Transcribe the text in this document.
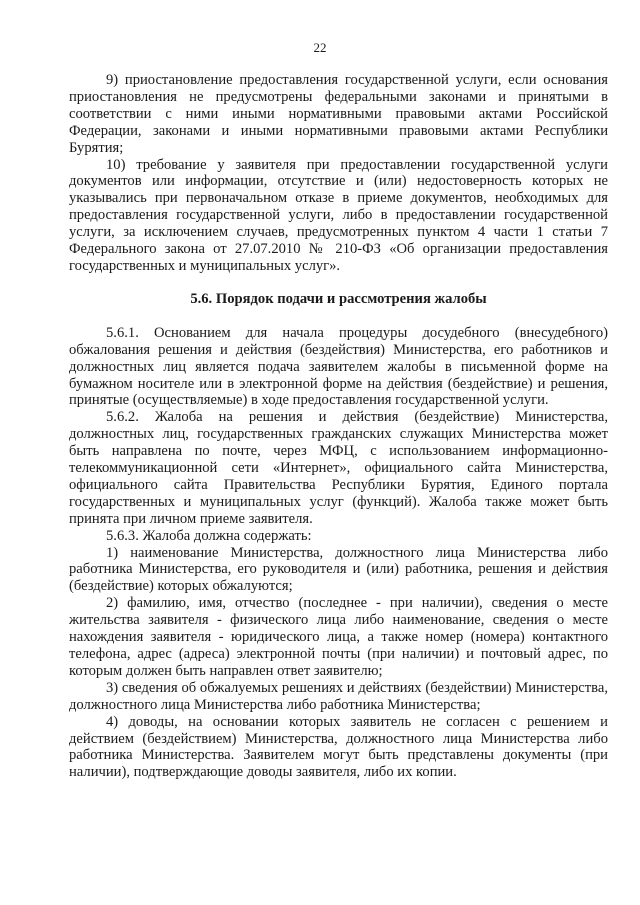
22

9) приостановление предоставления государственной услуги, если основания приостановления не предусмотрены федеральными законами и принятыми в соответствии с ними иными нормативными правовыми актами Российской Федерации, законами и иными нормативными правовыми актами Республики Бурятия;

10) требование у заявителя при предоставлении государственной услуги документов или информации, отсутствие и (или) недостоверность которых не указывались при первоначальном отказе в приеме документов, необходимых для предоставления государственной услуги, либо в предоставлении государственной услуги, за исключением случаев, предусмотренных пунктом 4 части 1 статьи 7 Федерального закона от 27.07.2010 № 210-ФЗ «Об организации предоставления государственных и муниципальных услуг».

5.6. Порядок подачи и рассмотрения жалобы

5.6.1. Основанием для начала процедуры досудебного (внесудебного) обжалования решения и действия (бездействия) Министерства, его работников и должностных лиц является подача заявителем жалобы в письменной форме на бумажном носителе или в электронной форме на действия (бездействие) и решения, принятые (осуществляемые) в ходе предоставления государственной услуги.

5.6.2. Жалоба на решения и действия (бездействие) Министерства, должностных лиц, государственных гражданских служащих Министерства может быть направлена по почте, через МФЦ, с использованием информационно-телекоммуникационной сети «Интернет», официального сайта Министерства, официального сайта Правительства Республики Бурятия, Единого портала государственных и муниципальных услуг (функций). Жалоба также может быть принята при личном приеме заявителя.

5.6.3. Жалоба должна содержать:

1) наименование Министерства, должностного лица Министерства либо работника Министерства, его руководителя и (или) работника, решения и действия (бездействие) которых обжалуются;

2) фамилию, имя, отчество (последнее - при наличии), сведения о месте жительства заявителя - физического лица либо наименование, сведения о месте нахождения заявителя - юридического лица, а также номер (номера) контактного телефона, адрес (адреса) электронной почты (при наличии) и почтовый адрес, по которым должен быть направлен ответ заявителю;

3) сведения об обжалуемых решениях и действиях (бездействии) Министерства, должностного лица Министерства либо работника Министерства;

4) доводы, на основании которых заявитель не согласен с решением и действием (бездействием) Министерства, должностного лица Министерства либо работника Министерства. Заявителем могут быть представлены документы (при наличии), подтверждающие доводы заявителя, либо их копии.
